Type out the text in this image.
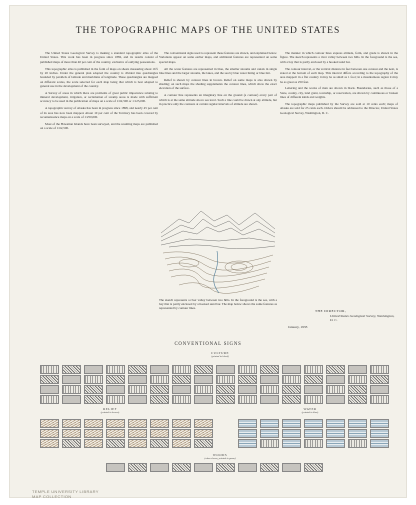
THE TOPOGRAPHIC MAPS OF THE UNITED STATES

The United States Geological Survey is making a standard topographic atlas of the United States. This work has been in progress since 1882, and its results consist of published maps of more than 40 per cent of the country, exclusive of outlying possessions.

This topographic atlas is published in the form of maps on sheets measuring about 16½ by 20 inches. Under the general plan adopted the country is divided into quadrangles bounded by parallels of latitude and meridians of longitude. These quadrangles are mapped on different scales, the scale selected for each map being that which is best adapted to general use in the development of the country.

A Survey of areas in which there are problems of great public importance relating to mineral development, irrigation, or reclamation of swamp areas is made with sufficient accuracy to be used in the publication of maps on a scale of 1:62,500 or 1:125,000.

A topographic survey of Alaska has been in progress since 1898, and nearly 45 per cent of its area has now been mapped. About 10 per cent of the Territory has been covered by reconnaissance maps on a scale of 1:250,000.

Most of the Hawaiian Islands have been surveyed, and the resulting maps are published on a scale of 1:62,500.

The conventional signs used to represent these features are shown, and explained below. Variations appear on some earlier maps, and additional features are represented on some special maps.

All the water features are represented in blue, the smaller streams and canals in single blue lines and the larger streams, the lakes, and the sea by blue water lining or blue tint.

Relief is shown by contour lines in brown. Relief on some maps is also shown by shading; on such maps the shading supplements the contour lines, which show the exact elevation of the surface.

A contour line represents an imaginary line on the ground (a contour) every part of which is at the same altitude above sea level. Such a line could be drawn at any altitude, but in practice only the contours at certain regular intervals of altitude are shown.

The manner in which contour lines express altitude, form, and grade is shown in the figure. The sketch represents a river valley between two hills. In the foreground is the sea, with a bay that is partly enclosed by a hooked sand bar.

The contour interval, or the vertical distance in feet between one contour and the next, is stated at the bottom of each map. This interval differs according to the topography of the area mapped: in a flat country it may be as small as 1 foot; in a mountainous region it may be as great as 250 feet.

Lettering and the works of man are shown in black. Boundaries, such as those of a State, county, city, land grant, township, or reservation, are shown by continuous or broken lines of different kinds and weights.

The topographic maps published by the Survey are sold at 10 cents each; maps of Alaska are sold for 25 cents each. Orders should be addressed to the Director, United States Geological Survey, Washington, D. C.

The sketch represents a river valley between two hills. In the foreground is the sea, with a bay that is partly enclosed by a hooked sand bar. The map below shows the same features as represented by contour lines.
THE DIRECTOR,
United States Geological Survey, Washington, D. C.
January, 1933
CONVENTIONAL SIGNS
CULTURE
(printed in black)
RELIEF
(printed in brown)
WATER
(printed in blue)
WOODS
(when shown, printed in green)
TEMPLE UNIVERSITY LIBRARY
MAP COLLECTION
